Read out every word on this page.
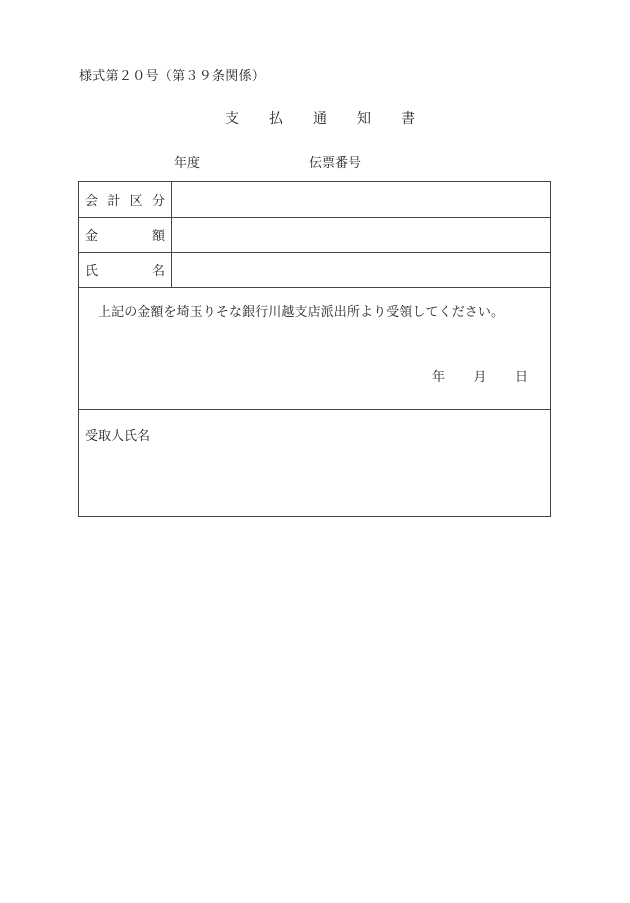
様式第２０号（第３９条関係）
支 払 通 知 書
年度	伝票番号
会 計 区 分
金	額
氏	名
上記の金額を埼玉りそな銀行川越支店派出所より受領してください。
年 月 日
受取人氏名
